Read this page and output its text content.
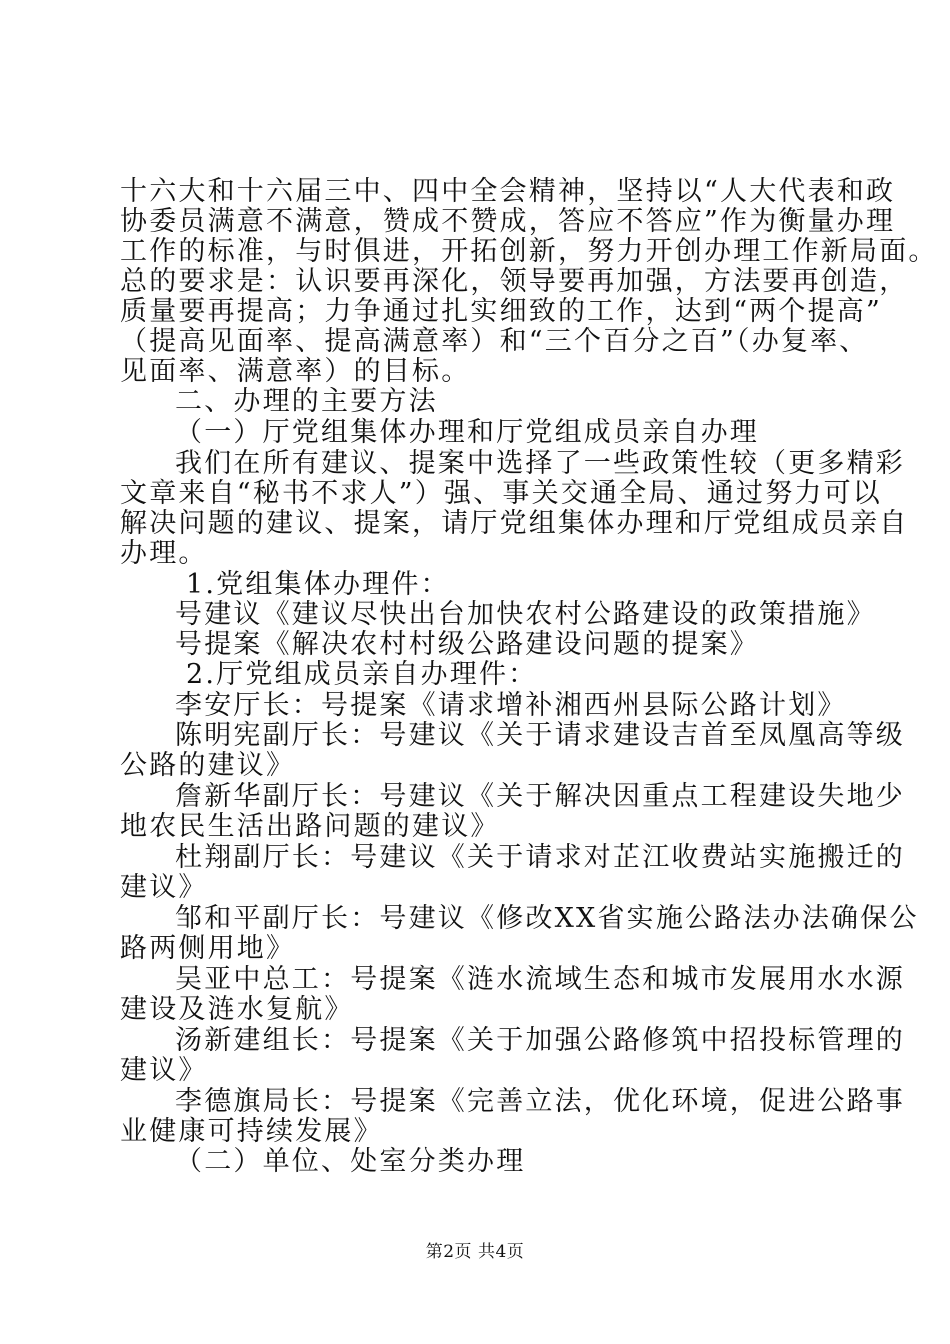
十六大和十六届三中、四中全会精神，坚持以“人大代表和政
协委员满意不满意，赞成不赞成，答应不答应”作为衡量办理
工作的标准，与时俱进，开拓创新，努力开创办理工作新局面。
总的要求是：认识要再深化，领导要再加强，方法要再创造，
质量要再提高；力争通过扎实细致的工作，达到“两个提高”
（提高见面率、提高满意率）和“三个百分之百”（办复率、
见面率、满意率）的目标。
二、办理的主要方法
（一）厅党组集体办理和厅党组成员亲自办理
我们在所有建议、提案中选择了一些政策性较（更多精彩
文章来自“秘书不求人”）强、事关交通全局、通过努力可以
解决问题的建议、提案，请厅党组集体办理和厅党组成员亲自
办理。
1.党组集体办理件：
号建议《建议尽快出台加快农村公路建设的政策措施》
号提案《解决农村村级公路建设问题的提案》
2.厅党组成员亲自办理件：
李安厅长：号提案《请求增补湘西州县际公路计划》
陈明宪副厅长：号建议《关于请求建设吉首至凤凰高等级
公路的建议》
詹新华副厅长：号建议《关于解决因重点工程建设失地少
地农民生活出路问题的建议》
杜翔副厅长：号建议《关于请求对芷江收费站实施搬迁的
建议》
邹和平副厅长：号建议《修改XX省实施公路法办法确保公
路两侧用地》
吴亚中总工：号提案《涟水流域生态和城市发展用水水源
建设及涟水复航》
汤新建组长：号提案《关于加强公路修筑中招投标管理的
建议》
李德旗局长：号提案《完善立法，优化环境，促进公路事
业健康可持续发展》
（二）单位、处室分类办理
第2页 共4页
